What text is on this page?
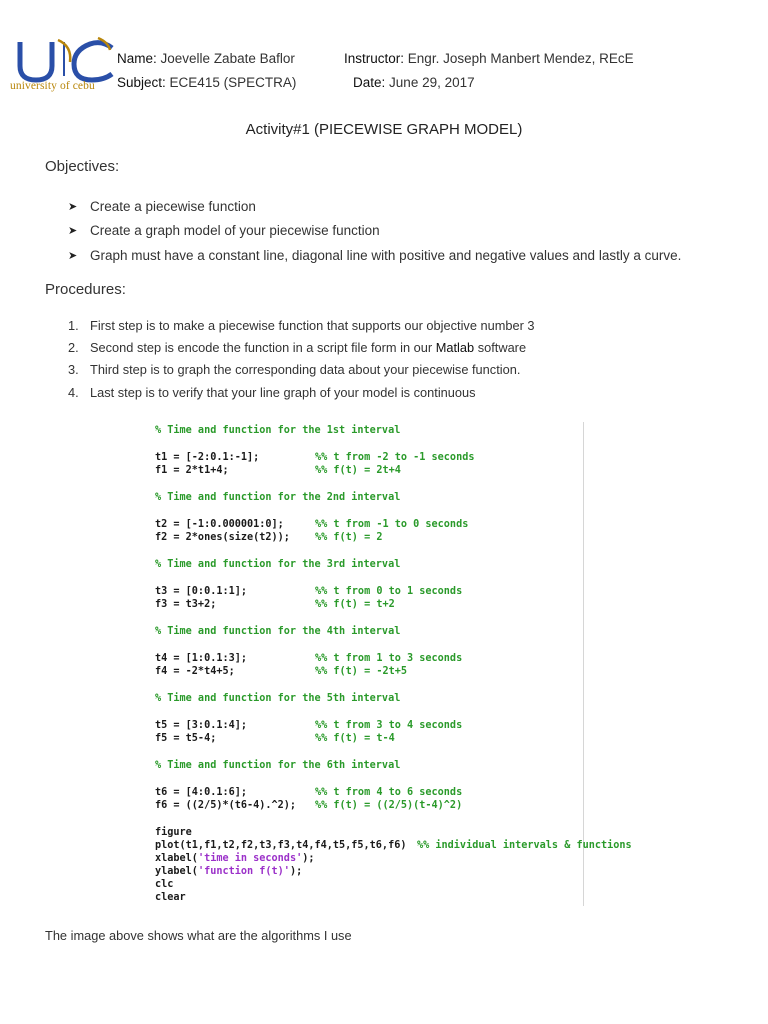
university of cebu
Name: Joevelle Zabate Baflor
Subject: ECE415 (SPECTRA)
Instructor: Engr. Joseph Manbert Mendez, REcE
Date: June 29, 2017
Activity#1 (PIECEWISE GRAPH MODEL)
Objectives:
➤ Create a piecewise function
➤ Create a graph model of your piecewise function
➤ Graph must have a constant line, diagonal line with positive and negative values and lastly a curve.
Procedures:
1. First step is to make a piecewise function that supports our objective number 3
2. Second step is encode the function in a script file form in our Matlab software
3. Third step is to graph the corresponding data about your piecewise function.
4. Last step is to verify that your line graph of your model is continuous
% Time and function for the 1st interval
t1 = [-2:0.1:-1];	%% t from -2 to -1 seconds
f1 = 2*t1+4;	%% f(t) = 2t+4
% Time and function for the 2nd interval
t2 = [-1:0.000001:0];	%% t from -1 to 0 seconds
f2 = 2*ones(size(t2)); %% f(t) = 2
% Time and function for the 3rd interval
t3 = [0:0.1:1];	%% t from 0 to 1 seconds
f3 = t3+2;	%% f(t) = t+2
% Time and function for the 4th interval
t4 = [1:0.1:3];	%% t from 1 to 3 seconds
f4 = -2*t4+5;	%% f(t) = -2t+5
% Time and function for the 5th interval
t5 = [3:0.1:4];	%% t from 3 to 4 seconds
f5 = t5-4;	%% f(t) = t-4
% Time and function for the 6th interval
t6 = [4:0.1:6];	%% t from 4 to 6 seconds
f6 = ((2/5)*(t6-4).^2); %% f(t) = ((2/5)(t-4)^2)
figure
plot(t1,f1,t2,f2,t3,f3,t4,f4,t5,f5,t6,f6) %% individual intervals & functions
xlabel('time in seconds');
ylabel('function f(t)');
clc
clear
The image above shows what are the algorithms I use
